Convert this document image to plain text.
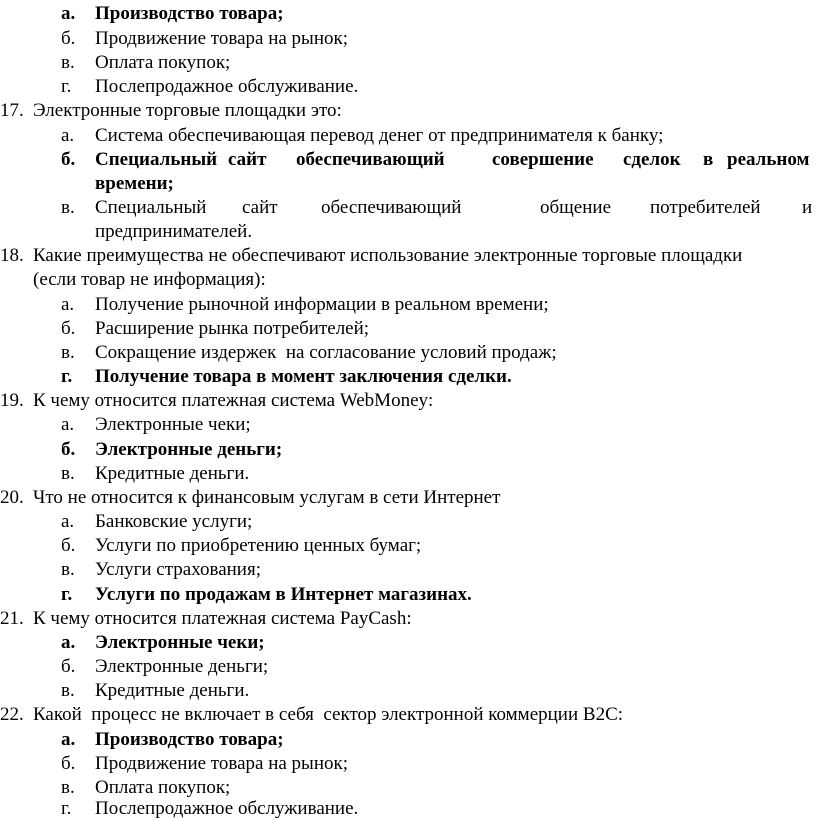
а. Производство товара;
б. Продвижение товара на рынок;
в. Оплата покупок;
г. Послепродажное обслуживание.
17. Электронные торговые площадки это:
а. Система обеспечивающая перевод денег от предпринимателя к банку;
б. Специальный сайт обеспечивающий совершение сделок в реальном
времени;
в. Специальный сайт обеспечивающий	общение потребителей и
предпринимателей.
18. Какие преимущества не обеспечивают использование электронные торговые площадки
(если товар не информация):
а. Получение рыночной информации в реальном времени;
б. Расширение рынка потребителей;
в. Сокращение издержек  на согласование условий продаж;
г. Получение товара в момент заключения сделки.
19. К чему относится платежная система WebMoney:
а. Электронные чеки;
б. Электронные деньги;
в. Кредитные деньги.
20. Что не относится к финансовым услугам в сети Интернет
а. Банковские услуги;
б. Услуги по приобретению ценных бумаг;
в. Услуги страхования;
г. Услуги по продажам в Интернет магазинах.
21. К чему относится платежная система PayCash:
а. Электронные чеки;
б. Электронные деньги;
в. Кредитные деньги.
22. Какой  процесс не включает в себя  сектор электронной коммерции B2C:
а. Производство товара;
б. Продвижение товара на рынок;
в. Оплата покупок;
г. Послепродажное обслуживание.
